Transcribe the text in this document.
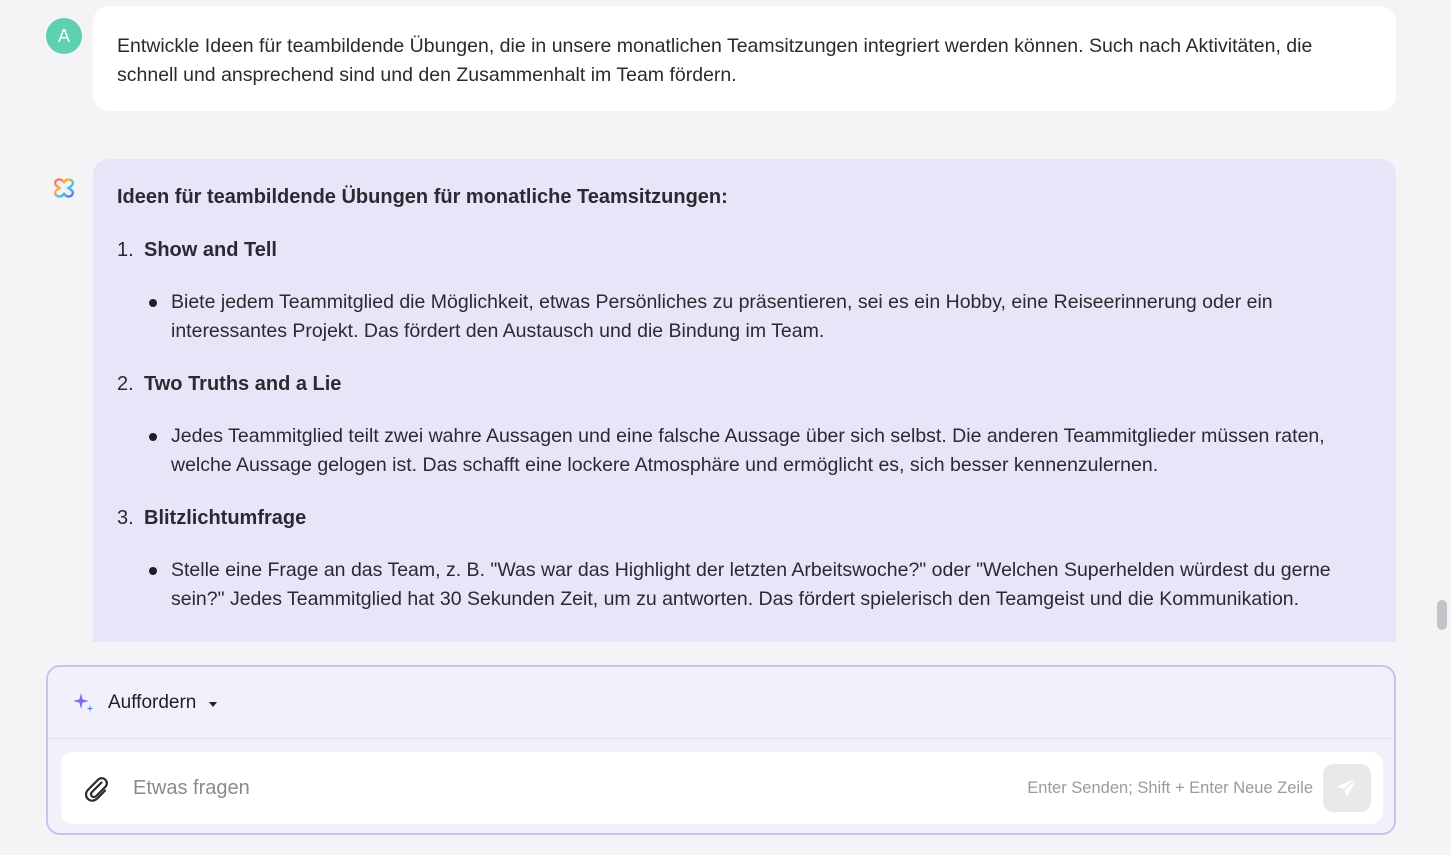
A	Entwickle Ideen für teambildende Übungen, die in unsere monatlichen Teamsitzungen integriert werden können. Such nach Aktivitäten, die schnell und ansprechend sind und den Zusammenhalt im Team fördern.
Ideen für teambildende Übungen für monatliche Teamsitzungen:
1. Show and Tell
Biete jedem Teammitglied die Möglichkeit, etwas Persönliches zu präsentieren, sei es ein Hobby, eine Reiseerinnerung oder ein interessantes Projekt. Das fördert den Austausch und die Bindung im Team.
2. Two Truths and a Lie
Jedes Teammitglied teilt zwei wahre Aussagen und eine falsche Aussage über sich selbst. Die anderen Teammitglieder müssen raten, welche Aussage gelogen ist. Das schafft eine lockere Atmosphäre und ermöglicht es, sich besser kennenzulernen.
3. Blitzlichtumfrage
Stelle eine Frage an das Team, z. B. "Was war das Highlight der letzten Arbeitswoche?" oder "Welchen Superhelden würdest du gerne sein?" Jedes Teammitglied hat 30 Sekunden Zeit, um zu antworten. Das fördert spielerisch den Teamgeist und die Kommunikation.
Auffordern
Etwas fragen
Enter Senden; Shift + Enter Neue Zeile
